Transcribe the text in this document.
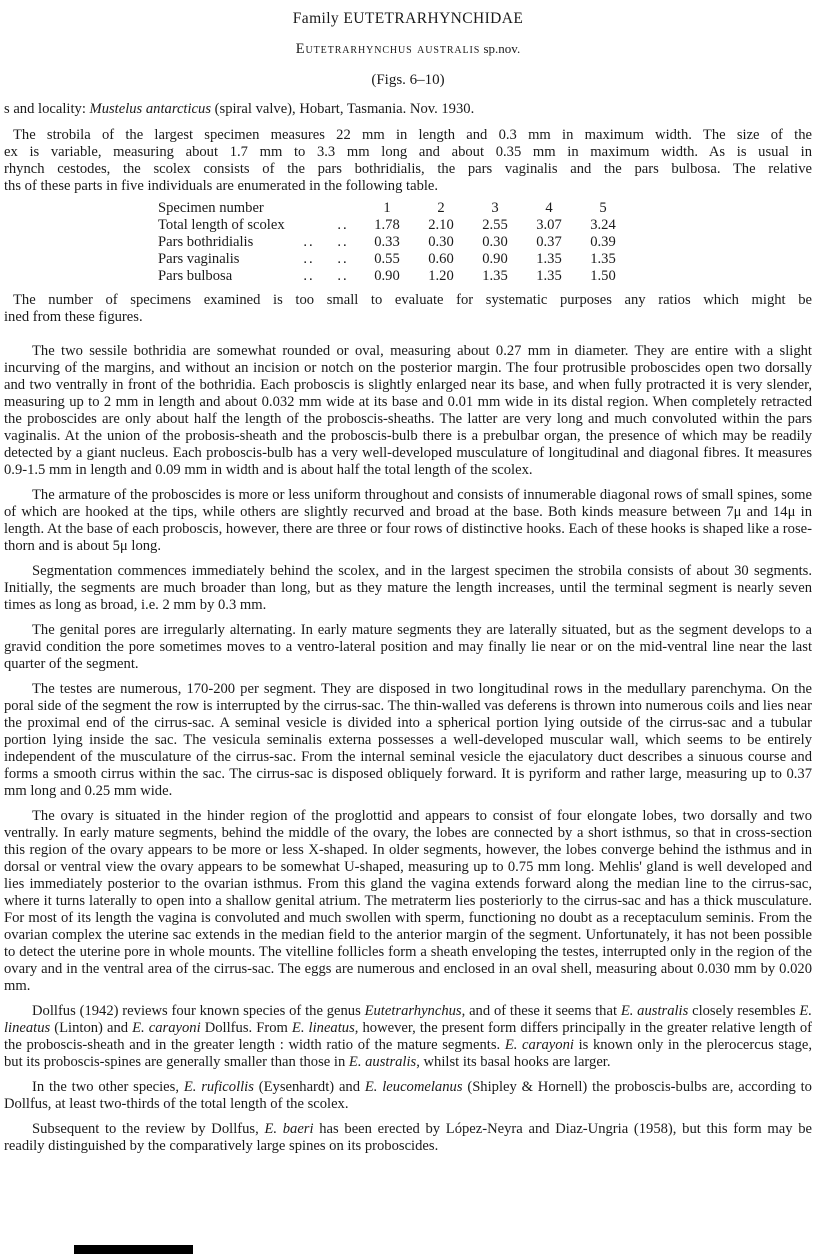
Family EUTETRARHYNCHIDAE
Eutetrarhynchus australis sp.nov.
(Figs. 6–10)

s and locality: Mustelus antarcticus (spiral valve), Hobart, Tasmania. Nov. 1930.

The strobila of the largest specimen measures 22 mm in length and 0.3 mm in maximum width. The size of the
ex is variable, measuring about 1.7 mm to 3.3 mm long and about 0.35 mm in maximum width. As is usual in
rhynch cestodes, the scolex consists of the pars bothridialis, the pars vaginalis and the pars bulbosa. The relative
ths of these parts in five individuals are enumerated in the following table.
Specimen number	1	2	3	4	5
Total length of scolex	..	1.78	2.10	2.55	3.07	3.24
Pars bothridialis	..	..	0.33	0.30	0.30	0.37	0.39
Pars vaginalis	..	..	0.55	0.60	0.90	1.35	1.35
Pars bulbosa	..	..	0.90	1.20	1.35	1.35	1.50
The number of specimens examined is too small to evaluate for systematic purposes any ratios which might be
ined from these figures.

The two sessile bothridia are somewhat rounded or oval, measuring about 0.27 mm in diameter. They are entire with a slight incurving of the margins, and without an incision or notch on the posterior margin. The four protrusible proboscides open two dorsally and two ventrally in front of the bothridia. Each proboscis is slightly enlarged near its base, and when fully protracted it is very slender, measuring up to 2 mm in length and about 0.032 mm wide at its base and 0.01 mm wide in its distal region. When completely retracted the proboscides are only about half the length of the proboscis-sheaths. The latter are very long and much convoluted within the pars vaginalis. At the union of the probosis-sheath and the proboscis-bulb there is a prebulbar organ, the presence of which may be readily detected by a giant nucleus. Each proboscis-bulb has a very well-developed musculature of longitudinal and diagonal fibres. It measures 0.9-1.5 mm in length and 0.09 mm in width and is about half the total length of the scolex.

The armature of the proboscides is more or less uniform throughout and consists of innumerable diagonal rows of small spines, some of which are hooked at the tips, while others are slightly recurved and broad at the base. Both kinds measure between 7μ and 14μ in length. At the base of each proboscis, however, there are three or four rows of distinctive hooks. Each of these hooks is shaped like a rose-thorn and is about 5μ long.

Segmentation commences immediately behind the scolex, and in the largest specimen the strobila consists of about 30 segments. Initially, the segments are much broader than long, but as they mature the length increases, until the terminal segment is nearly seven times as long as broad, i.e. 2 mm by 0.3 mm.

The genital pores are irregularly alternating. In early mature segments they are laterally situated, but as the segment develops to a gravid condition the pore sometimes moves to a ventro-lateral position and may finally lie near or on the mid-ventral line near the last quarter of the segment.

The testes are numerous, 170-200 per segment. They are disposed in two longitudinal rows in the medullary parenchyma. On the poral side of the segment the row is interrupted by the cirrus-sac. The thin-walled vas deferens is thrown into numerous coils and lies near the proximal end of the cirrus-sac. A seminal vesicle is divided into a spherical portion lying outside of the cirrus-sac and a tubular portion lying inside the sac. The vesicula seminalis externa possesses a well-developed muscular wall, which seems to be entirely independent of the musculature of the cirrus-sac. From the internal seminal vesicle the ejaculatory duct describes a sinuous course and forms a smooth cirrus within the sac. The cirrus-sac is disposed obliquely forward. It is pyriform and rather large, measuring up to 0.37 mm long and 0.25 mm wide.

The ovary is situated in the hinder region of the proglottid and appears to consist of four elongate lobes, two dorsally and two ventrally. In early mature segments, behind the middle of the ovary, the lobes are connected by a short isthmus, so that in cross-section this region of the ovary appears to be more or less X-shaped. In older segments, however, the lobes converge behind the isthmus and in dorsal or ventral view the ovary appears to be somewhat U-shaped, measuring up to 0.75 mm long. Mehlis' gland is well developed and lies immediately posterior to the ovarian isthmus. From this gland the vagina extends forward along the median line to the cirrus-sac, where it turns laterally to open into a shallow genital atrium. The metraterm lies posteriorly to the cirrus-sac and has a thick musculature. For most of its length the vagina is convoluted and much swollen with sperm, functioning no doubt as a receptaculum seminis. From the ovarian complex the uterine sac extends in the median field to the anterior margin of the segment. Unfortunately, it has not been possible to detect the uterine pore in whole mounts. The vitelline follicles form a sheath enveloping the testes, interrupted only in the region of the ovary and in the ventral area of the cirrus-sac. The eggs are numerous and enclosed in an oval shell, measuring about 0.030 mm by 0.020 mm.

Dollfus (1942) reviews four known species of the genus Eutetrarhynchus, and of these it seems that E. australis closely resembles E. lineatus (Linton) and E. carayoni Dollfus. From E. lineatus, however, the present form differs principally in the greater relative length of the proboscis-sheath and in the greater length : width ratio of the mature segments. E. carayoni is known only in the plerocercus stage, but its proboscis-spines are generally smaller than those in E. australis, whilst its basal hooks are larger.

In the two other species, E. ruficollis (Eysenhardt) and E. leucomelanus (Shipley & Hornell) the proboscis-bulbs are, according to Dollfus, at least two-thirds of the total length of the scolex.

Subsequent to the review by Dollfus, E. baeri has been erected by López-Neyra and Diaz-Ungria (1958), but this form may be readily distinguished by the comparatively large spines on its proboscides.
